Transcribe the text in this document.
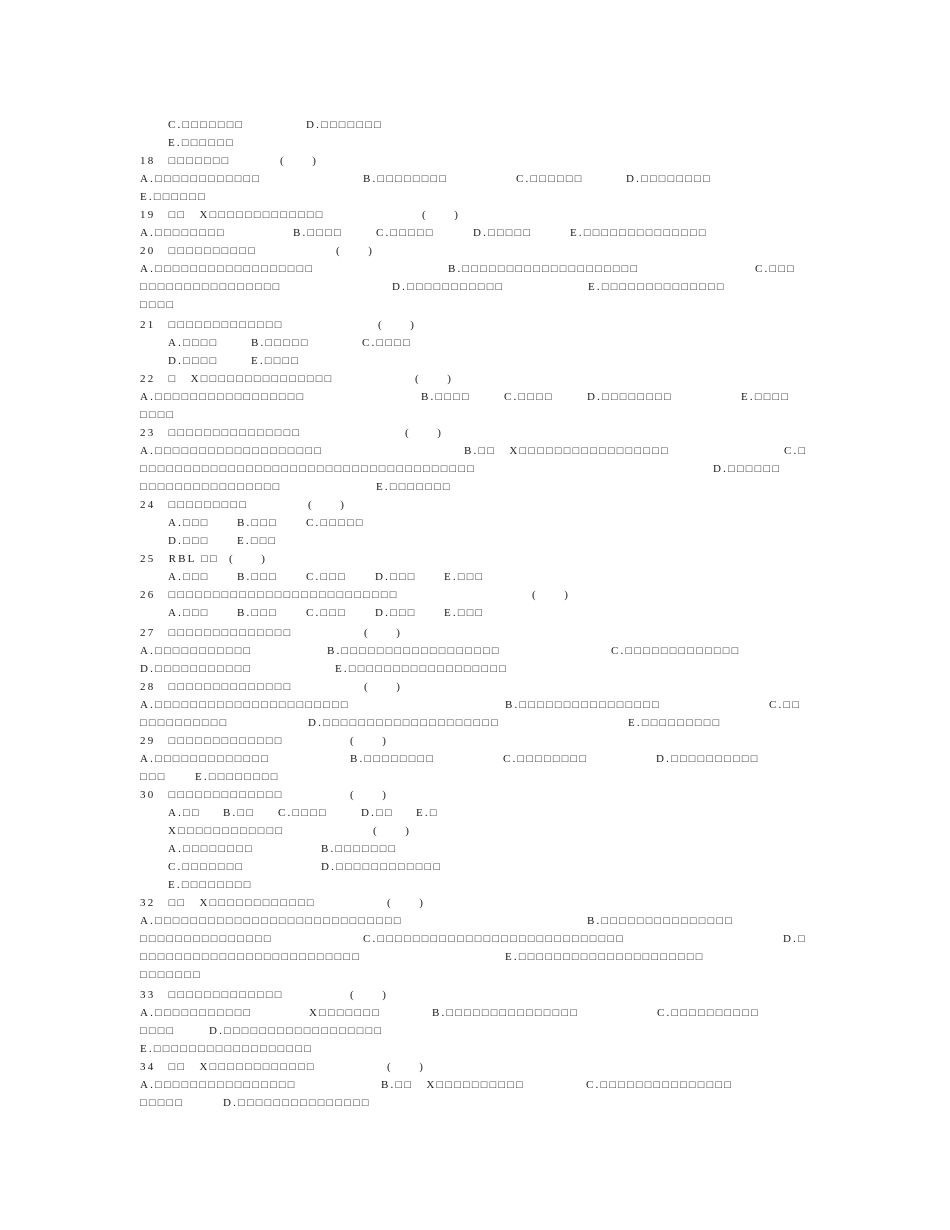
C.□□□□□□□	D.□□□□□□□
E.□□□□□□
18　□□□□□□□	(　　)
A.□□□□□□□□□□□□	B.□□□□□□□□	C.□□□□□□	D.□□□□□□□□
E.□□□□□□
19　□□　X□□□□□□□□□□□□□	(　　)
A.□□□□□□□□	B.□□□□	C.□□□□□	D.□□□□□	E.□□□□□□□□□□□□□□
20　□□□□□□□□□□	(　　)
A.□□□□□□□□□□□□□□□□□□	B.□□□□□□□□□□□□□□□□□□□□	C.□□□
□□□□□□□□□□□□□□□□	D.□□□□□□□□□□□	E.□□□□□□□□□□□□□□
□□□□
21　□□□□□□□□□□□□□	(　　)
A.□□□□	B.□□□□□	C.□□□□
D.□□□□	E.□□□□
22　□　X□□□□□□□□□□□□□□□	(　　)
A.□□□□□□□□□□□□□□□□□	B.□□□□	C.□□□□	D.□□□□□□□□	E.□□□□
□□□□
23　□□□□□□□□□□□□□□□	(　　)
A.□□□□□□□□□□□□□□□□□□□	B.□□　X□□□□□□□□□□□□□□□□□	C.□
□□□□□□□□□□□□□□□□□□□□□□□□□□□□□□□□□□□□□□	D.□□□□□□
□□□□□□□□□□□□□□□□	E.□□□□□□□
24　□□□□□□□□□	(　　)
A.□□□ B.□□□	C.□□□□□
D.□□□ E.□□□
25　RBL □□ (　　)
A.□□□ B.□□□	C.□□□	D.□□□ E.□□□
26　□□□□□□□□□□□□□□□□□□□□□□□□□□	(　　)
A.□□□ B.□□□	C.□□□	D.□□□ E.□□□
27　□□□□□□□□□□□□□□	(　　)
A.□□□□□□□□□□□	B.□□□□□□□□□□□□□□□□□□	C.□□□□□□□□□□□□□
D.□□□□□□□□□□□	E.□□□□□□□□□□□□□□□□□□
28　□□□□□□□□□□□□□□	(　　)
A.□□□□□□□□□□□□□□□□□□□□□□	B.□□□□□□□□□□□□□□□□	C.□□
□□□□□□□□□□	D.□□□□□□□□□□□□□□□□□□□□	E.□□□□□□□□□
29　□□□□□□□□□□□□□	(　　)
A.□□□□□□□□□□□□□	B.□□□□□□□□	C.□□□□□□□□	D.□□□□□□□□□□
□□□	E.□□□□□□□□
30　□□□□□□□□□□□□□	(　　)
A.□□ B.□□ C.□□□□	D.□□ E.□
X□□□□□□□□□□□□	(　　)
A.□□□□□□□□	B.□□□□□□□
C.□□□□□□□	D.□□□□□□□□□□□□
E.□□□□□□□□
32　□□　X□□□□□□□□□□□□	(　　)
A.□□□□□□□□□□□□□□□□□□□□□□□□□□□□	B.□□□□□□□□□□□□□□□
□□□□□□□□□□□□□□□	C.□□□□□□□□□□□□□□□□□□□□□□□□□□□□	D.□
□□□□□□□□□□□□□□□□□□□□□□□□□	E.□□□□□□□□□□□□□□□□□□□□□
□□□□□□□
33　□□□□□□□□□□□□□	(　　)
A.□□□□□□□□□□□	X□□□□□□□	B.□□□□□□□□□□□□□□□	C.□□□□□□□□□□
□□□□	D.□□□□□□□□□□□□□□□□□□
E.□□□□□□□□□□□□□□□□□□
34　□□　X□□□□□□□□□□□□	(　　)
A.□□□□□□□□□□□□□□□□	B.□□　X□□□□□□□□□□	C.□□□□□□□□□□□□□□□
□□□□□	D.□□□□□□□□□□□□□□□
